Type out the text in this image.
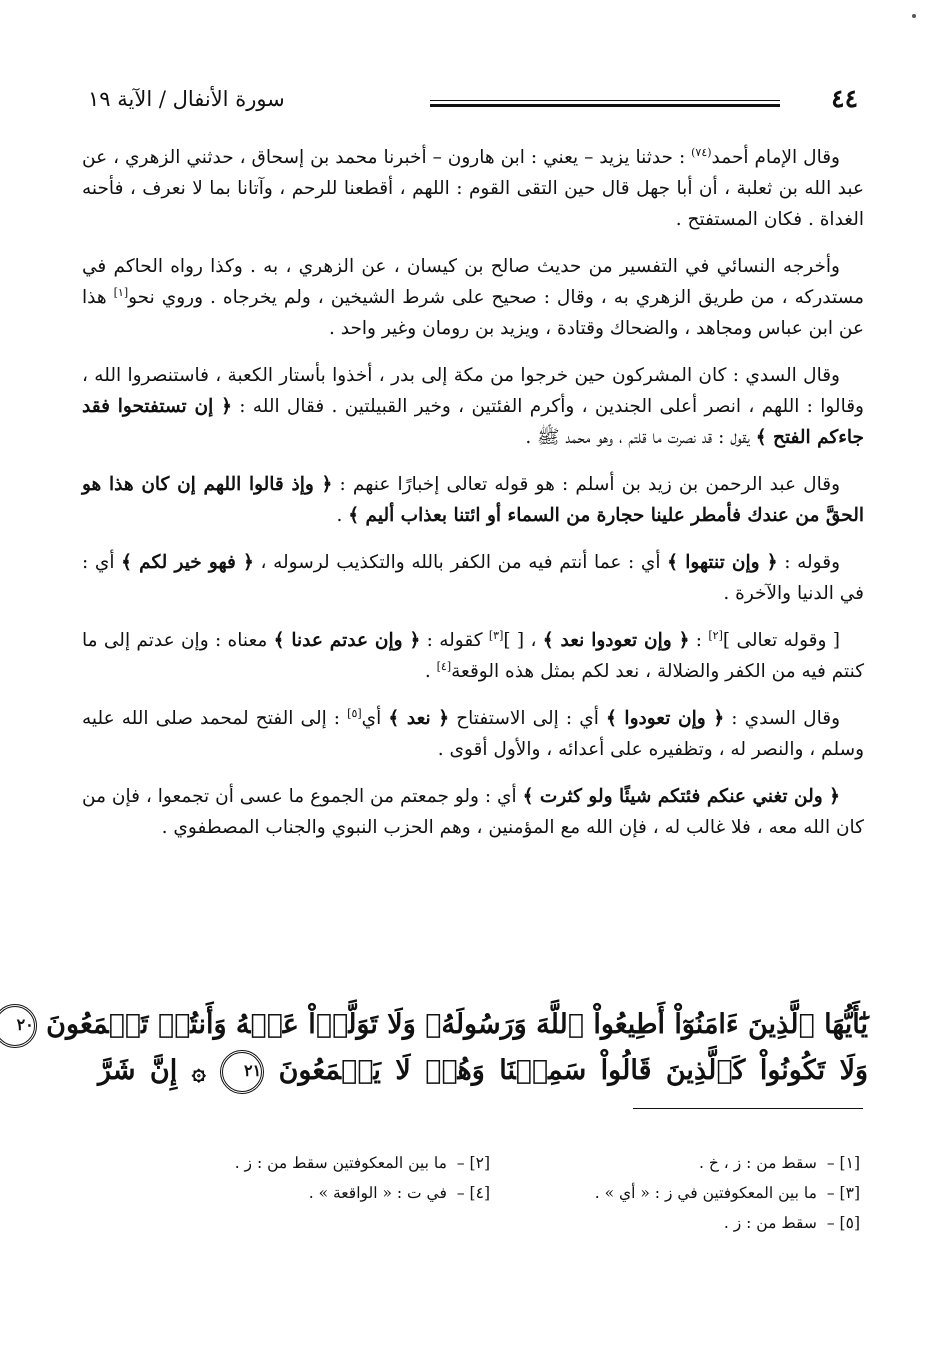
٤٤
سورة الأنفال / الآية ١٩

وقال الإمام أحمد$^{(٧٤)}$ : حدثنا يزيد – يعني : ابن هارون – أخبرنا محمد بن إسحاق ، حدثني الزهري ، عن عبد الله بن ثعلبة ، أن أبا جهل قال حين التقى القوم : اللهم ، أقطعنا للرحم ، وآتانا بما لا نعرف ، فأحنه الغداة . فكان المستفتح .

وأخرجه النسائي في التفسير من حديث صالح بن كيسان ، عن الزهري ، به . وكذا رواه الحاكم في مستدركه ، من طريق الزهري به ، وقال : صحيح على شرط الشيخين ، ولم يخرجاه . وروي نحو[١] هذا عن ابن عباس ومجاهد ، والضحاك وقتادة ، ويزيد بن رومان وغير واحد .

وقال السدي : كان المشركون حين خرجوا من مكة إلى بدر ، أخذوا بأستار الكعبة ، فاستنصروا الله ، وقالوا : اللهم ، انصر أعلى الجندين ، وأكرم الفئتين ، وخير القبيلتين . فقال الله : ﴿ إن تستفتحوا فقد جاءكم الفتح ﴾ يقول : قد نصرت ما قلتم ، وهو محمد ﷺ .

وقال عبد الرحمن بن زيد بن أسلم : هو قوله تعالى إخبارًا عنهم : ﴿ وإذ قالوا اللهم إن كان هذا هو الحقَّ من عندك فأمطر علينا حجارة من السماء أو ائتنا بعذاب أليم ﴾ .

وقوله : ﴿ وإن تنتهوا ﴾ أي : عما أنتم فيه من الكفر بالله والتكذيب لرسوله ، ﴿ فهو خير لكم ﴾ أي : في الدنيا والآخرة .

[ وقوله تعالى ][٢] : ﴿ وإن تعودوا نعد ﴾ ، [ ][٣] كقوله : ﴿ وإن عدتم عدنا ﴾ معناه : وإن عدتم إلى ما كنتم فيه من الكفر والضلالة ، نعد لكم بمثل هذه الوقعة[٤] .

وقال السدي : ﴿ وإن تعودوا ﴾ أي : إلى الاستفتاح ﴿ نعد ﴾ أي[٥] : إلى الفتح لمحمد صلى الله عليه وسلم ، والنصر له ، وتظفيره على أعدائه ، والأول أقوى .

﴿ ولن تغني عنكم فئتكم شيئًا ولو كثرت ﴾ أي : ولو جمعتم من الجموع ما عسى أن تجمعوا ، فإن من كان الله معه ، فلا غالب له ، فإن الله مع المؤمنين ، وهم الحزب النبوي والجناب المصطفوي .

يَٰٓأَيُّهَا ٱلَّذِينَ ءَامَنُوٓاْ أَطِيعُواْ ٱللَّهَ وَرَسُولَهُۥ وَلَا تَوَلَّوۡاْ عَنۡهُ وَأَنتُمۡ تَسۡمَعُونَ ٢٠
وَلَا تَكُونُواْ كَٱلَّذِينَ قَالُواْ سَمِعۡنَا وَهُمۡ لَا يَسۡمَعُونَ ٢١ ۞ إِنَّ شَرَّ
[١] –سقط من : ز ، خ .
[٢] –ما بين المعكوفتين سقط من : ز .
[٣] –ما بين المعكوفتين في ز : « أي » .
[٤] –في ت : « الواقعة » .
[٥] –سقط من : ز .
